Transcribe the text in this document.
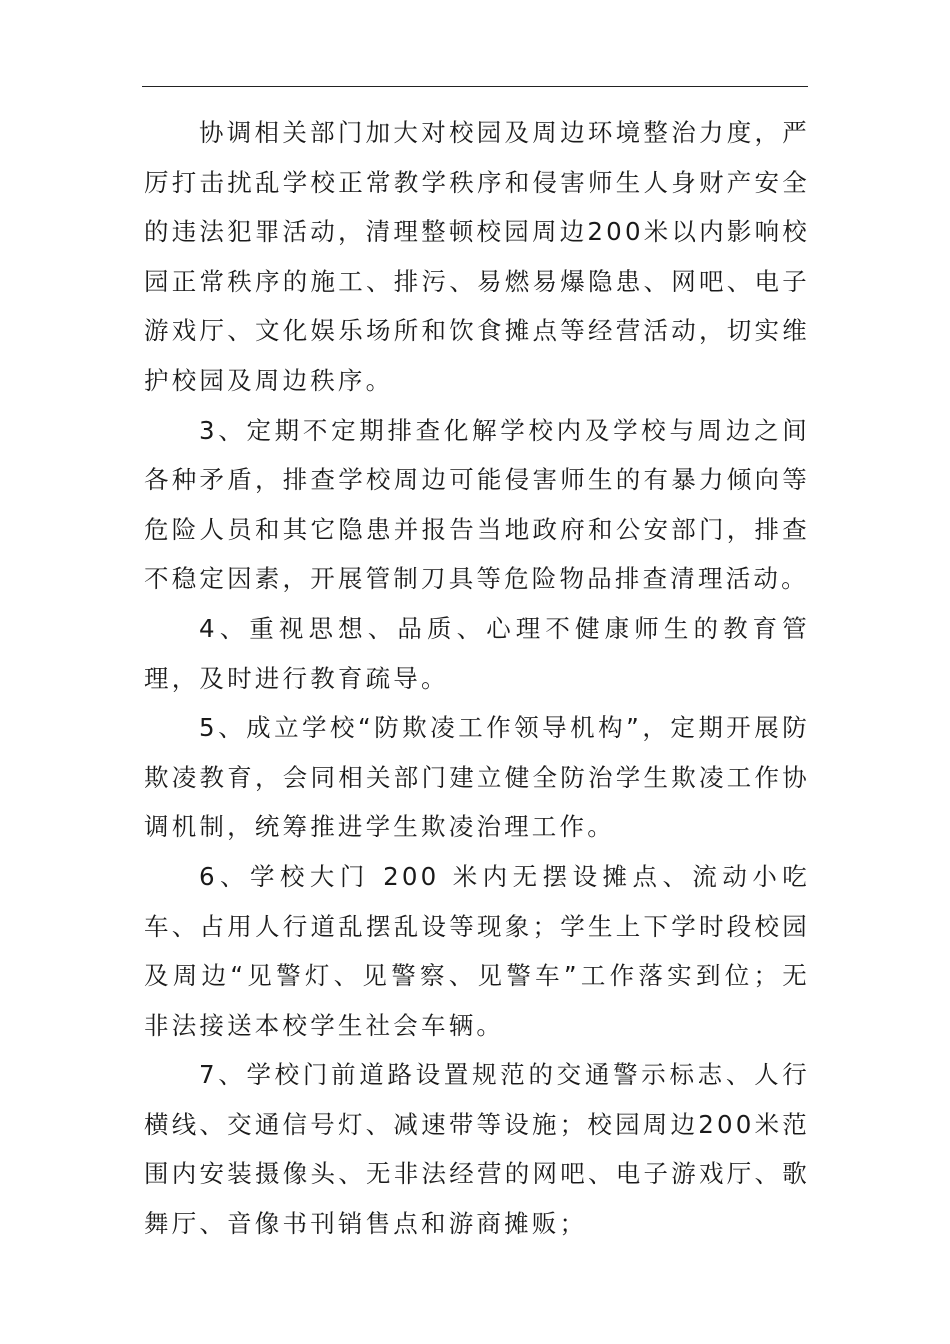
协调相关部门加大对校园及周边环境整治力度，严厉打击扰乱学校正常教学秩序和侵害师生人身财产安全的违法犯罪活动，清理整顿校园周边200米以内影响校园正常秩序的施工、排污、易燃易爆隐患、网吧、电子游戏厅、文化娱乐场所和饮食摊点等经营活动，切实维护校园及周边秩序。

3、定期不定期排查化解学校内及学校与周边之间各种矛盾，排查学校周边可能侵害师生的有暴力倾向等危险人员和其它隐患并报告当地政府和公安部门，排查不稳定因素，开展管制刀具等危险物品排查清理活动。

4、重视思想、品质、心理不健康师生的教育管理，及时进行教育疏导。

5、成立学校“防欺凌工作领导机构”，定期开展防欺凌教育，会同相关部门建立健全防治学生欺凌工作协调机制，统筹推进学生欺凌治理工作。

6、学校大门 200 米内无摆设摊点、流动小吃车、占用人行道乱摆乱设等现象；学生上下学时段校园及周边“见警灯、见警察、见警车”工作落实到位；无非法接送本校学生社会车辆。

7、学校门前道路设置规范的交通警示标志、人行横线、交通信号灯、减速带等设施；校园周边200米范围内安装摄像头、无非法经营的网吧、电子游戏厅、歌舞厅、音像书刊销售点和游商摊贩；
